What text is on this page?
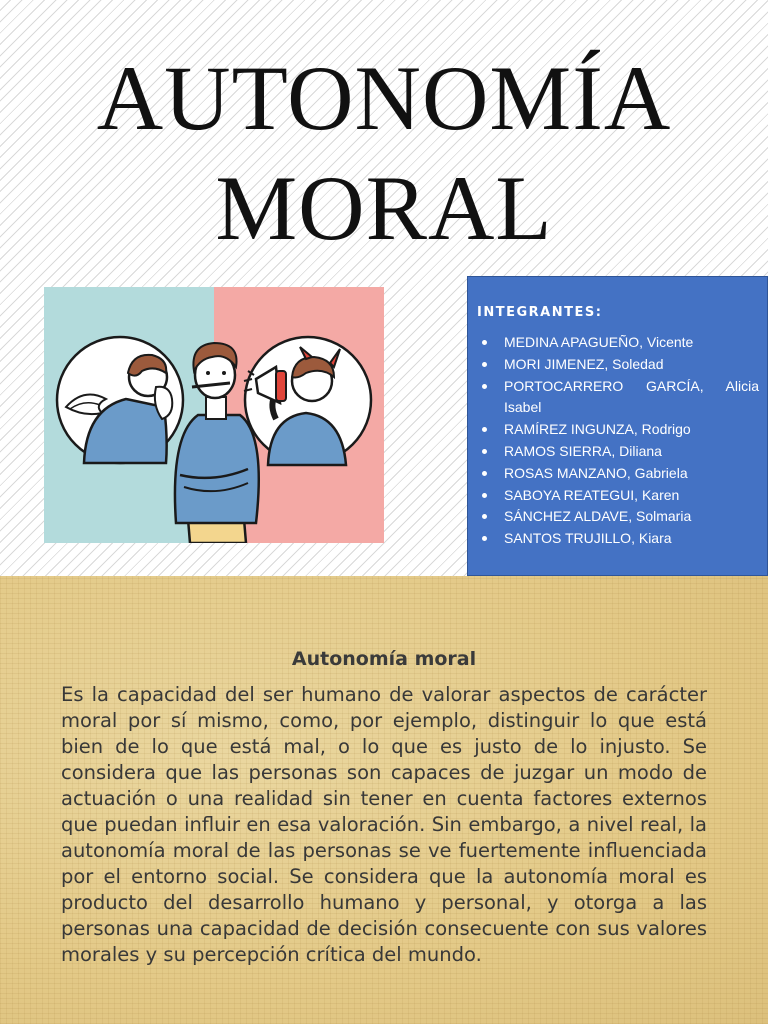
AUTONOMÍA
MORAL
INTEGRANTES:
MEDINA APAGUEÑO, Vicente
MORI JIMENEZ, Soledad
PORTOCARRERO GARCÍA, Alicia Isabel
RAMÍREZ INGUNZA, Rodrigo
RAMOS SIERRA, Diliana
ROSAS MANZANO, Gabriela
SABOYA REATEGUI, Karen
SÁNCHEZ ALDAVE, Solmaria
SANTOS TRUJILLO, Kiara
Autonomía moral

Es la capacidad del ser humano de valorar aspectos de carácter moral por sí mismo, como, por ejemplo, distinguir lo que está bien de lo que está mal, o lo que es justo de lo injusto. Se considera que las personas son capaces de juzgar un modo de actuación o una realidad sin tener en cuenta factores externos que puedan influir en esa valoración. Sin embargo, a nivel real, la autonomía moral de las personas se ve fuertemente influenciada por el entorno social. Se considera que la autonomía moral es producto del desarrollo humano y personal, y otorga a las personas una capacidad de decisión consecuente con sus valores morales y su percepción crítica del mundo.
